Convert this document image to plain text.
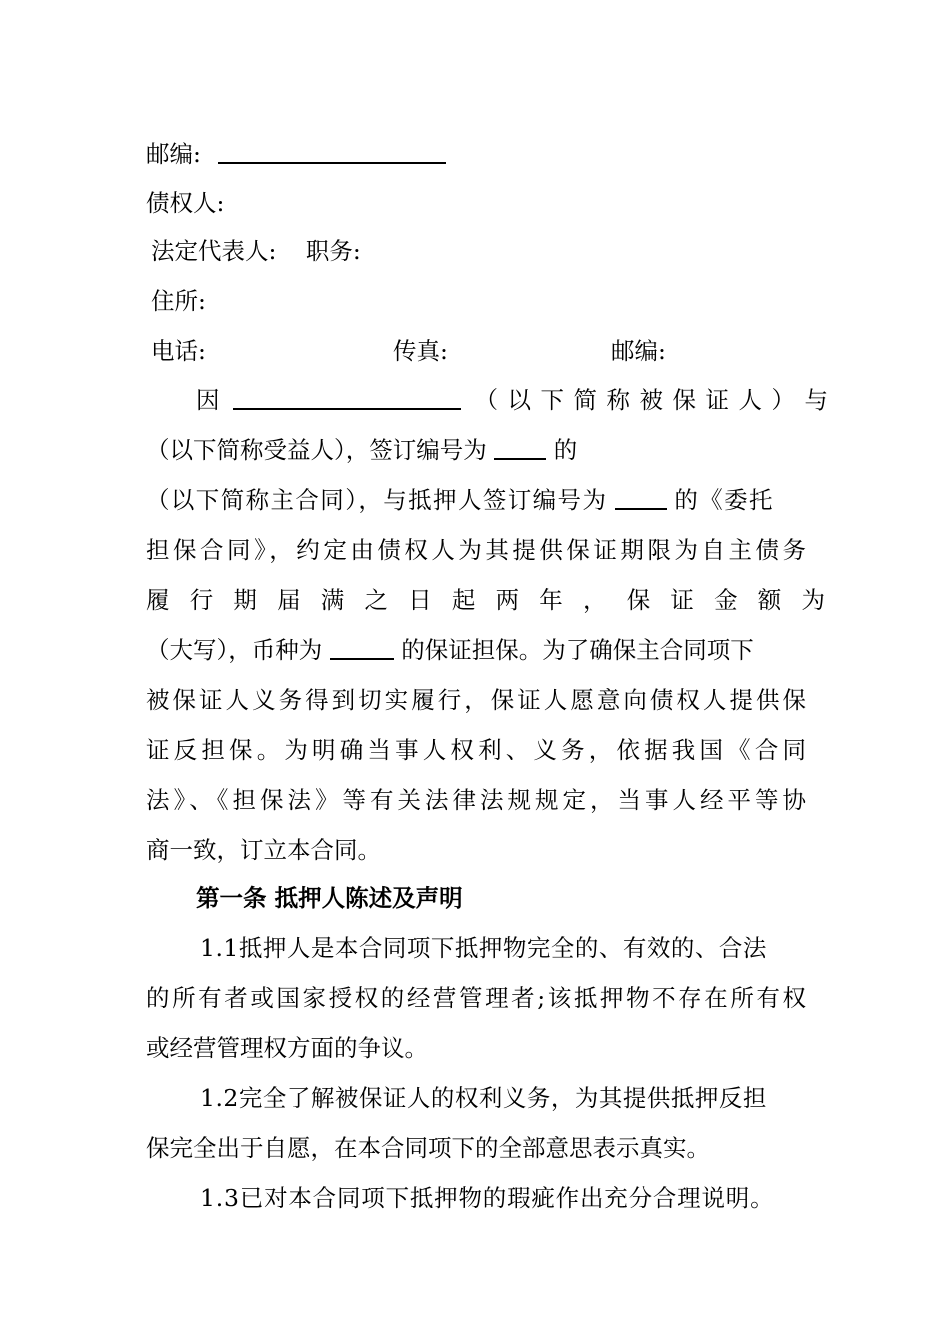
邮编:
债权人:
法定代表人: 职务:
住所:
电话:	传真:	邮编:
因	（以下简称被保证人）与
（以下简称受益人），签订编号为	的
（以下简称主合同），与抵押人签订编号为	的《委托
担保合同》，约定由债权人为其提供保证期限为自主债务
履行期届满之日起两年，保证金额为
（大写），币种为	的保证担保。为了确保主合同项下
被保证人义务得到切实履行，保证人愿意向债权人提供保
证反担保。为明确当事人权利、义务，依据我国《合同
法》、《担保法》等有关法律法规规定，当事人经平等协
商一致，订立本合同。
第一条 抵押人陈述及声明
1.1抵押人是本合同项下抵押物完全的、有效的、合法
的所有者或国家授权的经营管理者;该抵押物不存在所有权
或经营管理权方面的争议。
1.2完全了解被保证人的权利义务，为其提供抵押反担
保完全出于自愿，在本合同项下的全部意思表示真实。
1.3已对本合同项下抵押物的瑕疵作出充分合理说明。
